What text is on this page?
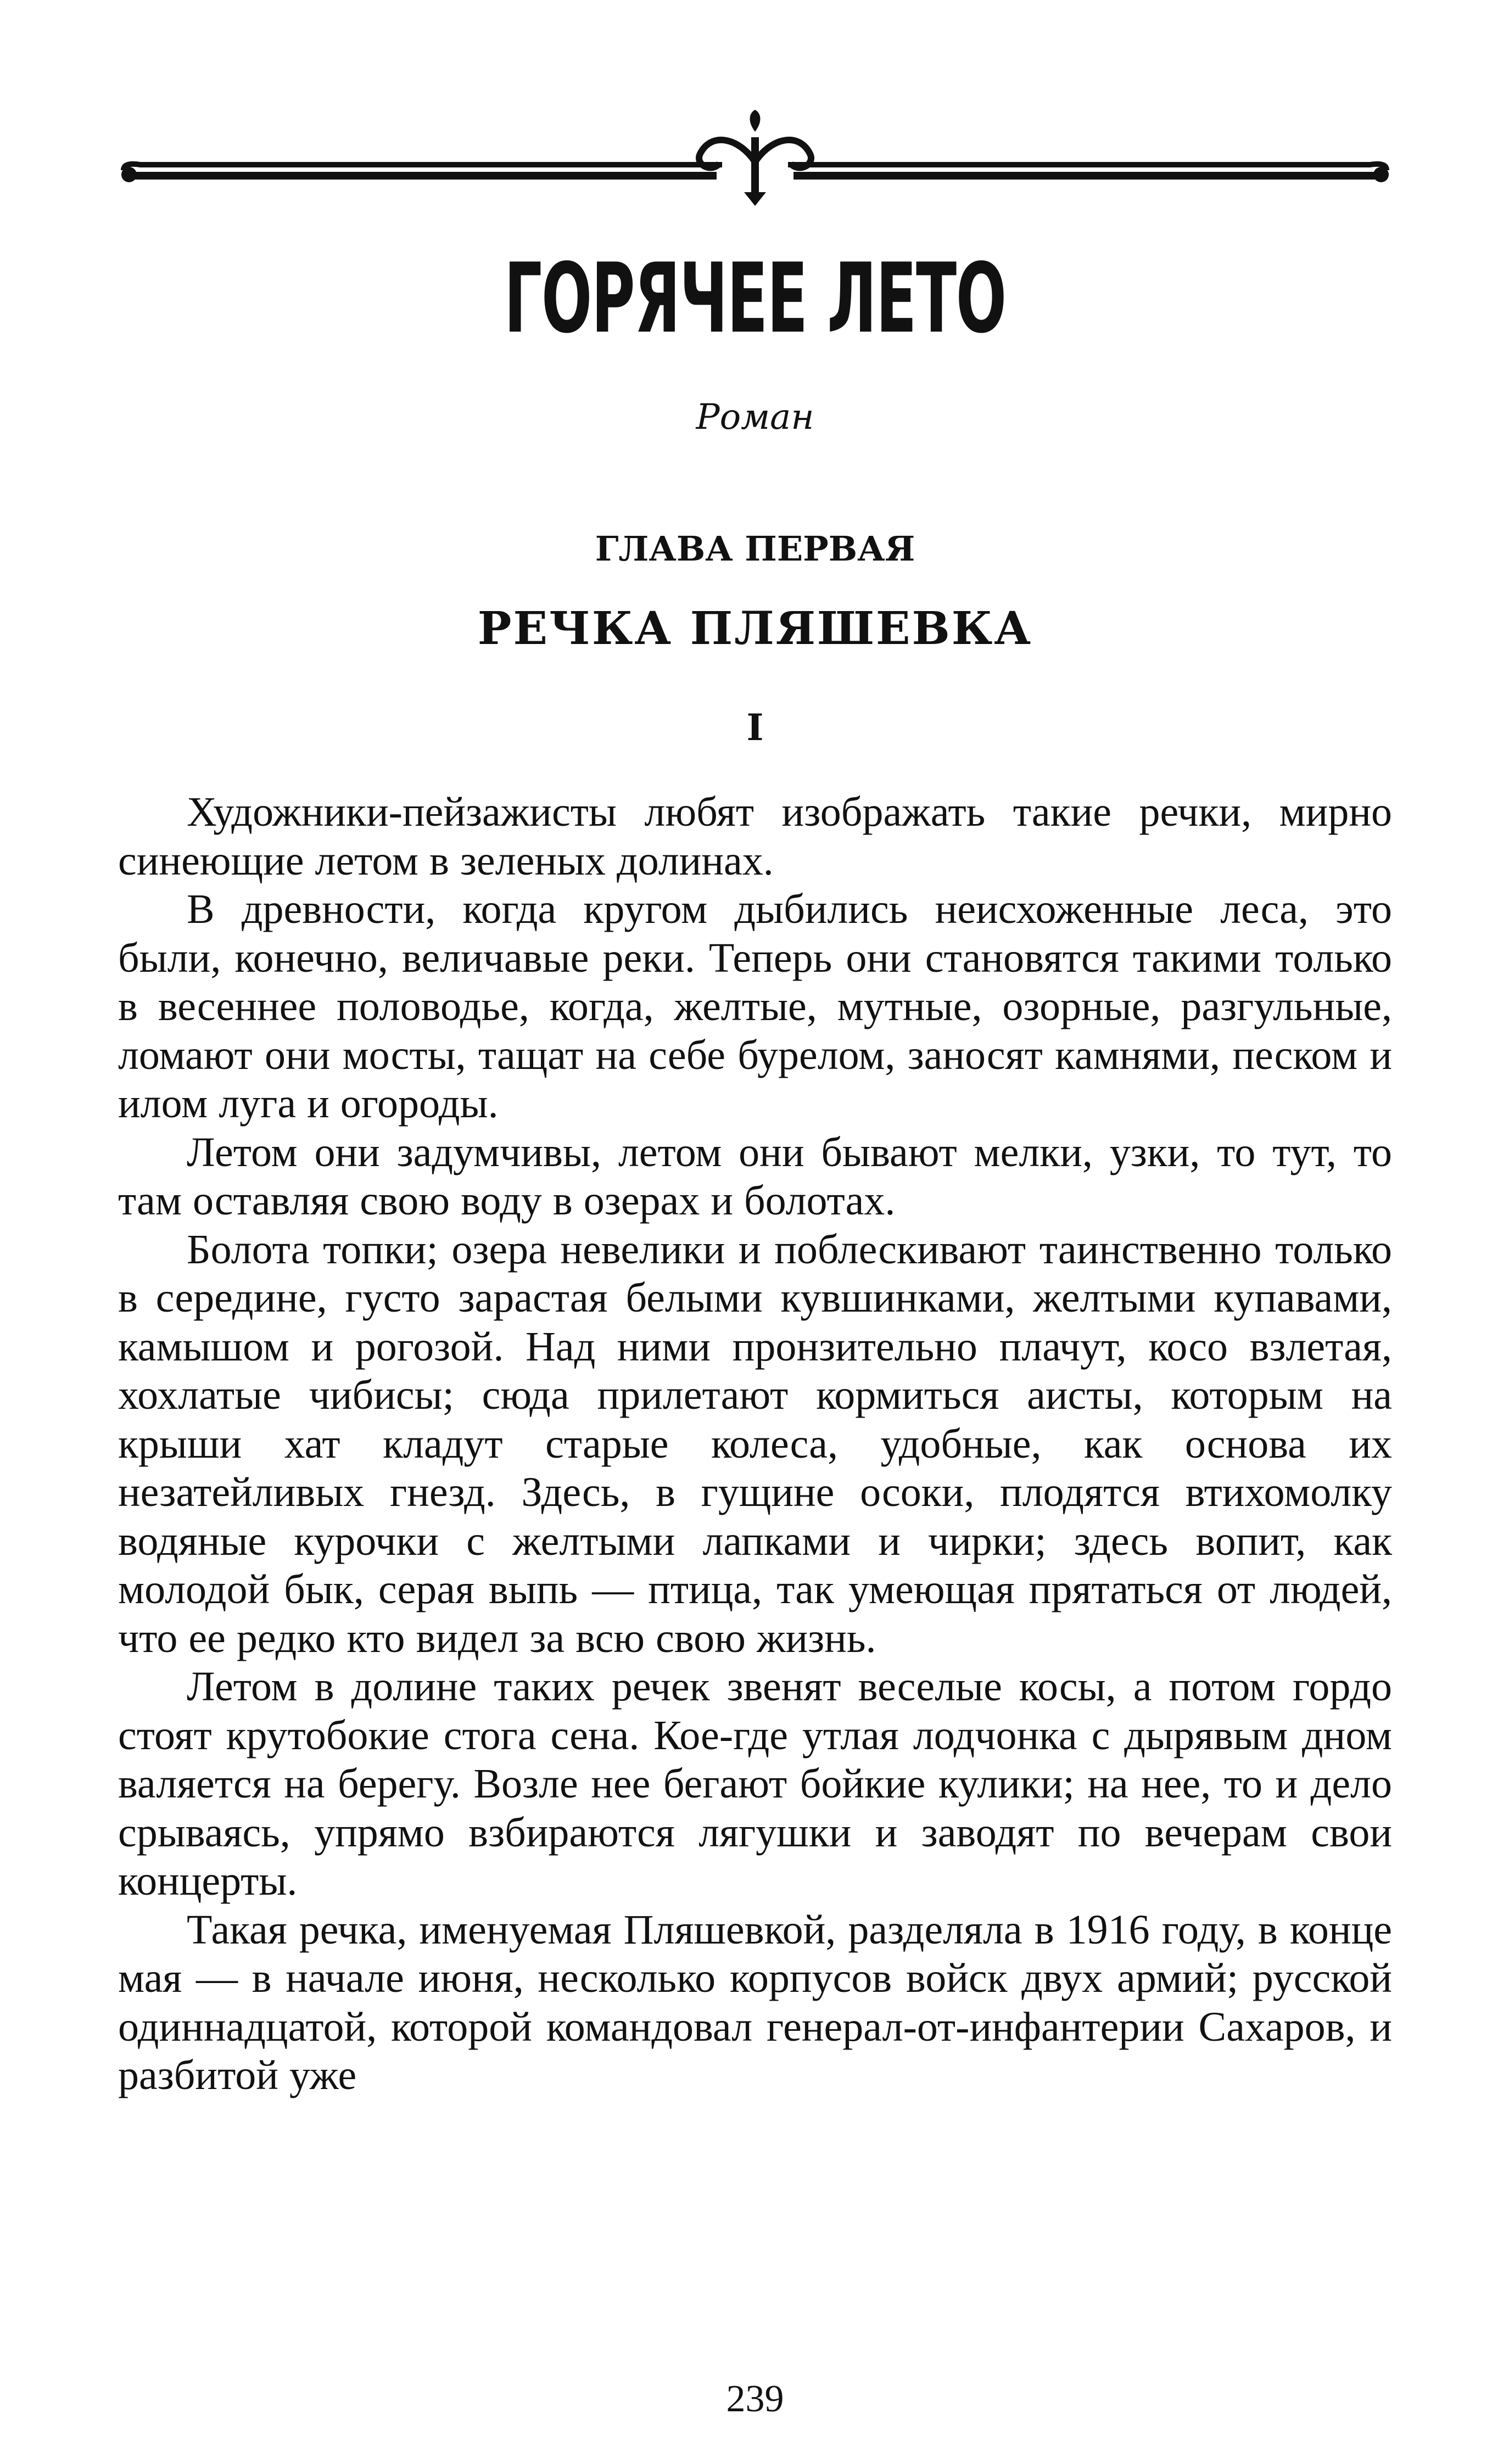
ГОРЯЧЕЕ ЛЕТО
Роман
ГЛАВА ПЕРВАЯ
РЕЧКА ПЛЯШЕВКА
I

Художники-пейзажисты любят изображать такие речки, мирно синеющие летом в зеленых долинах.

В древности, когда кругом дыбились неисхоженные леса, это были, конечно, величавые реки. Теперь они становятся такими только в весеннее половодье, когда, желтые, мутные, озорные, разгульные, ломают они мосты, тащат на себе бурелом, заносят камнями, песком и илом луга и огороды.

Летом они задумчивы, летом они бывают мелки, узки, то тут, то там оставляя свою воду в озерах и болотах.

Болота топки; озера невелики и поблескивают таинственно только в середине, густо зарастая белыми кувшинками, желтыми купавами, камышом и рогозой. Над ними пронзительно плачут, косо взлетая, хохлатые чибисы; сюда прилетают кормиться аисты, которым на крыши хат кладут старые колеса, удобные, как основа их незатейливых гнезд. Здесь, в гущине осоки, плодятся втихомолку водяные курочки с желтыми лапками и чирки; здесь вопит, как молодой бык, серая выпь — птица, так умеющая прятаться от людей, что ее редко кто видел за всю свою жизнь.

Летом в долине таких речек звенят веселые косы, а потом гордо стоят крутобокие стога сена. Кое-где утлая лодчонка с дырявым дном валяется на берегу. Возле нее бегают бойкие кулики; на нее, то и дело срываясь, упрямо взбираются лягушки и заводят по вечерам свои концерты.

Такая речка, именуемая Пляшевкой, разделяла в 1916 году, в конце мая — в начале июня, несколько корпусов войск двух армий; русской одиннадцатой, которой командовал генерал-от-инфантерии Сахаров, и разбитой уже

239
